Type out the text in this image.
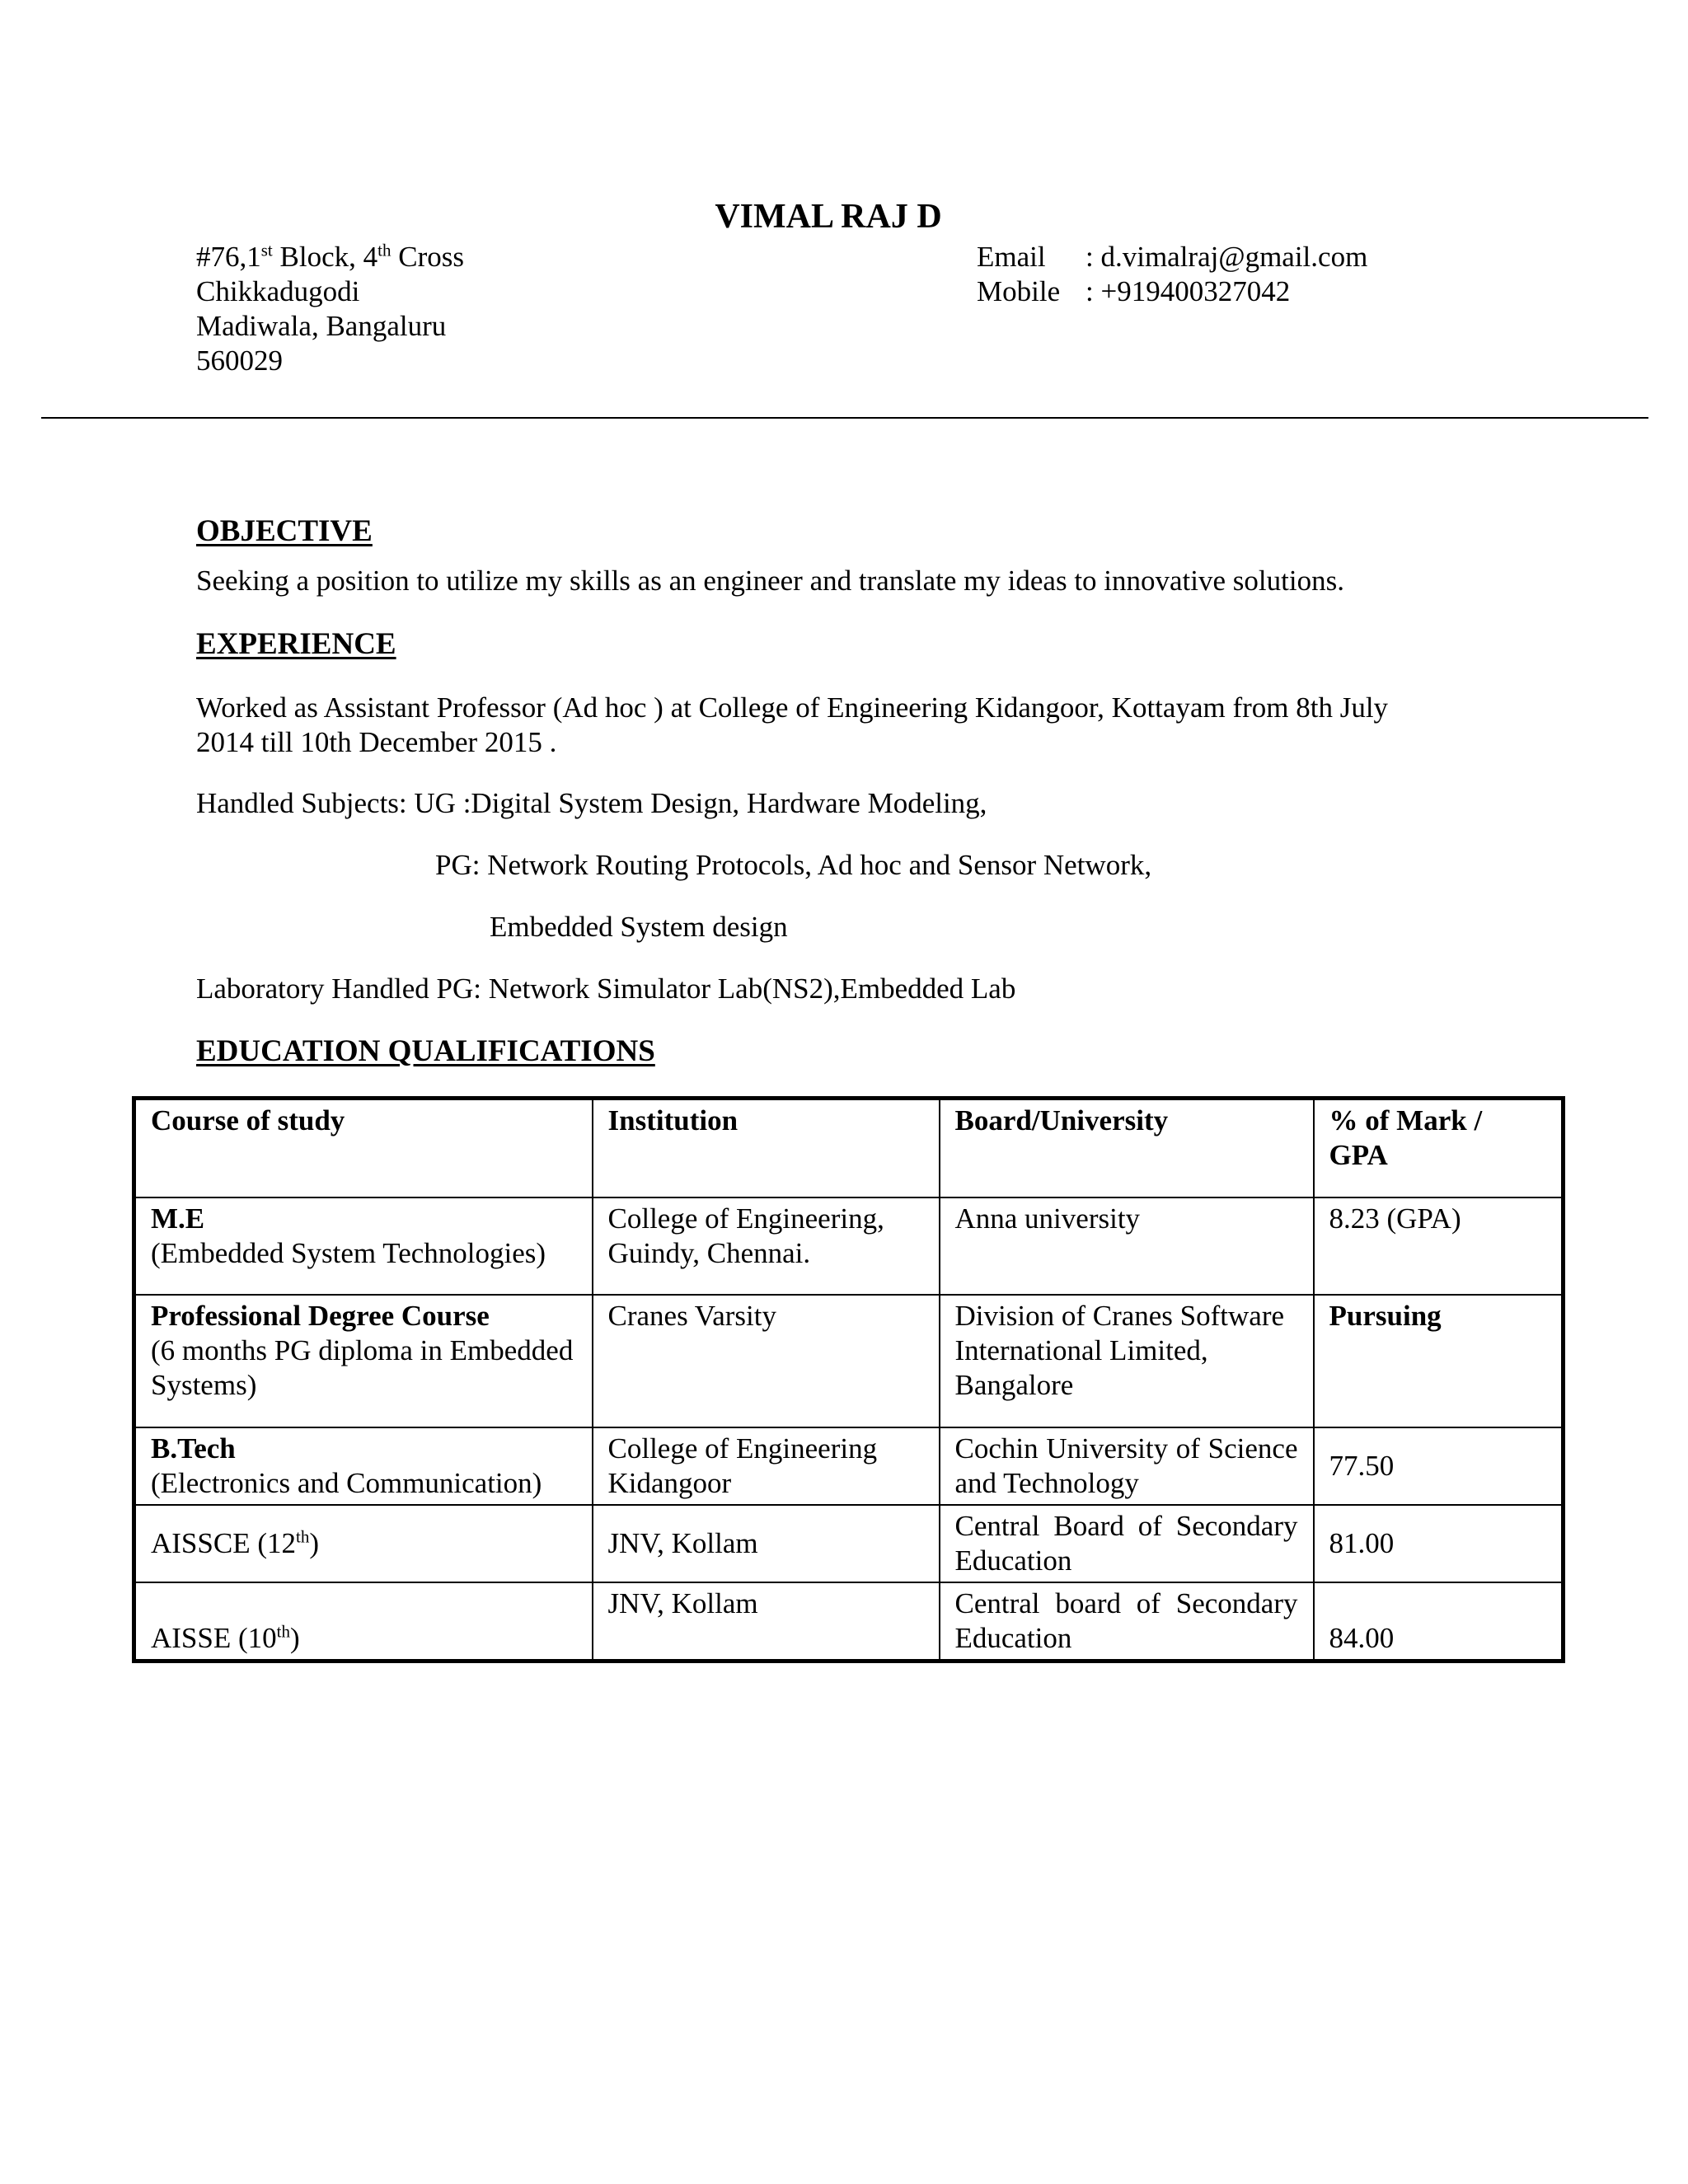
VIMAL RAJ D
#76,1st Block, 4th Cross
Chikkadugodi
Madiwala, Bangaluru
560029
Email : d.vimalraj@gmail.com
Mobile : +919400327042
OBJECTIVE
Seeking a position to utilize my skills as an engineer and translate my ideas to innovative solutions.
EXPERIENCE
Worked as Assistant Professor (Ad hoc ) at College of Engineering Kidangoor, Kottayam from 8th July
2014 till 10th December 2015 .
Handled Subjects: UG :Digital System Design, Hardware Modeling,
PG: Network Routing Protocols, Ad hoc and Sensor Network,
Embedded System design
Laboratory Handled PG: Network Simulator Lab(NS2),Embedded Lab
EDUCATION QUALIFICATIONS
Course of study	Institution	Board/University	% of Mark / GPA

M.E
(Embedded System Technologies)	College of Engineering, Guindy, Chennai.	Anna university	8.23 (GPA)

Professional Degree Course
(6 months PG diploma in Embedded Systems)	Cranes Varsity	Division of Cranes Software International Limited, Bangalore	Pursuing

B.Tech
(Electronics and Communication)	College of Engineering Kidangoor	Cochin University of Science and Technology	77.50
AISSCE (12th)	JNV, Kollam	Central Board of Secondary Education	81.00
AISSE (10th)	JNV, Kollam	Central board of Secondary Education	84.00
